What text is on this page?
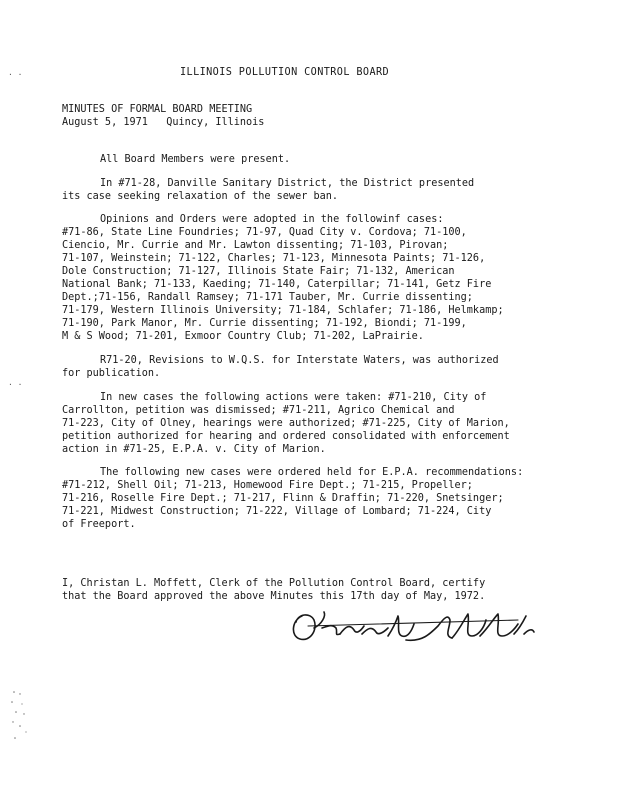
· ·
· ·
ILLINOIS POLLUTION CONTROL BOARD
MINUTES OF FORMAL BOARD MEETING
August 5, 1971   Quincy, Illinois
All Board Members were present.
In #71-28, Danville Sanitary District, the District presented
its case seeking relaxation of the sewer ban.
Opinions and Orders were adopted in the followinf cases:
#71-86, State Line Foundries; 71-97, Quad City v. Cordova; 71-100,
Ciencio, Mr. Currie and Mr. Lawton dissenting; 71-103, Pirovan;
71-107, Weinstein; 71-122, Charles; 71-123, Minnesota Paints; 71-126,
Dole Construction; 71-127, Illinois State Fair; 71-132, American
National Bank; 71-133, Kaeding; 71-140, Caterpillar; 71-141, Getz Fire
Dept.;71-156, Randall Ramsey; 71-171 Tauber, Mr. Currie dissenting;
71-179, Western Illinois University; 71-184, Schlafer; 71-186, Helmkamp;
71-190, Park Manor, Mr. Currie dissenting; 71-192, Biondi; 71-199,
M & S Wood; 71-201, Exmoor Country Club; 71-202, LaPrairie.
R71-20, Revisions to W.Q.S. for Interstate Waters, was authorized
for publication.
In new cases the following actions were taken: #71-210, City of
Carrollton, petition was dismissed; #71-211, Agrico Chemical and
71-223, City of Olney, hearings were authorized; #71-225, City of Marion,
petition authorized for hearing and ordered consolidated with enforcement
action in #71-25, E.P.A. v. City of Marion.
The following new cases were ordered held for E.P.A. recommendations:
#71-212, Shell Oil; 71-213, Homewood Fire Dept.; 71-215, Propeller;
71-216, Roselle Fire Dept.; 71-217, Flinn & Draffin; 71-220, Snetsinger;
71-221, Midwest Construction; 71-222, Village of Lombard; 71-224, City
of Freeport.
I, Christan L. Moffett, Clerk of the Pollution Control Board, certify
that the Board approved the above Minutes this 17th day of May, 1972.
